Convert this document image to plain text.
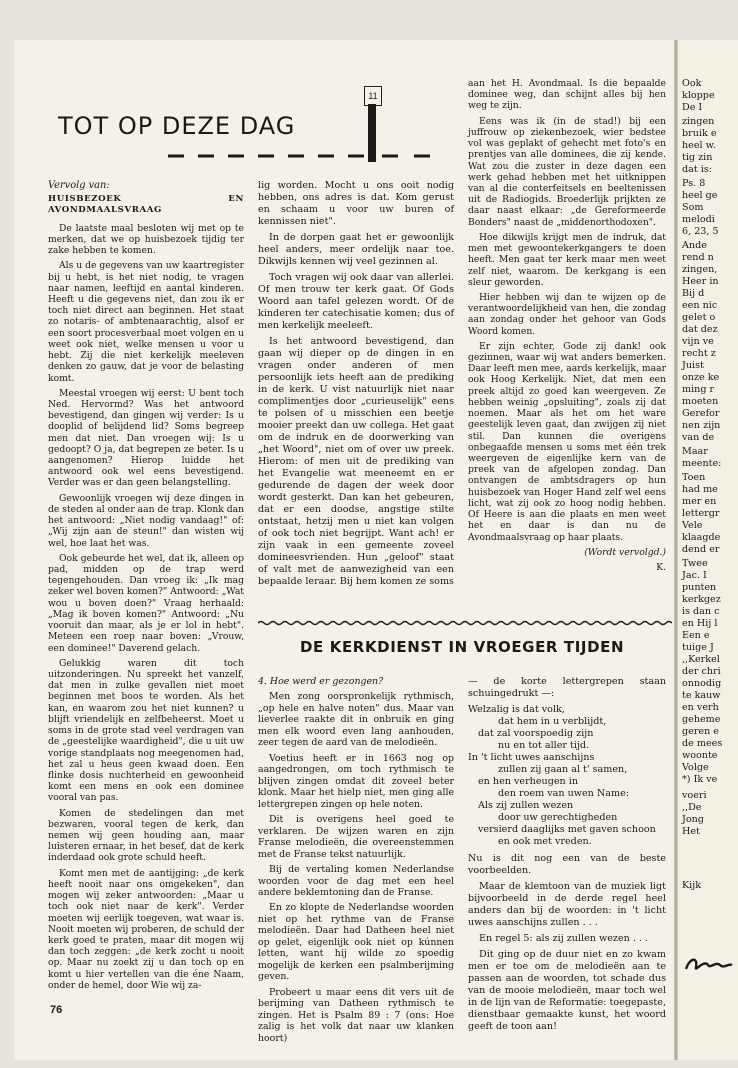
11
TOT OP DEZE DAG
Vervolg van:
HUISBEZOEK EN AVONDMAALSVRAAG

De laatste maal besloten wij met op te merken, dat we op huisbezoek tijdig ter zake hebben te komen.

Als u de gegevens van uw kaartregister bij u hebt, is het niet nodig, te vragen naar namen, leeftijd en aantal kinderen. Heeft u die gegevens niet, dan zou ik er toch niet direct aan beginnen. Het staat zo notaris- of ambtenaarachtig, alsof er een soort procesverbaal moet volgen en u weet ook niet, welke mensen u voor u hebt. Zij die niet kerkelijk meeleven denken zo gauw, dat je voor de belasting komt.

Meestal vroegen wij eerst: U bent toch Ned. Hervormd? Was het antwoord bevestigend, dan gingen wij verder: Is u dooplid of belijdend lid? Soms begreep men dat niet. Dan vroegen wij: Is u gedoopt? O ja, dat begrepen ze beter. Is u aangenomen? Hierop luidde het antwoord ook wel eens bevestigend. Verder was er dan geen belangstelling.

Gewoonlijk vroegen wij deze dingen in de steden al onder aan de trap. Klonk dan het antwoord: „Niet nodig vandaag!" of: „Wij zijn aan de steun!" dan wisten wij wel, hoe laat het was.

Ook gebeurde het wel, dat ik, alleen op pad, midden op de trap werd tegengehouden. Dan vroeg ik: „Ik mag zeker wel boven komen?" Antwoord: „Wat wou u boven doen?" Vraag herhaald: „Mag ik boven komen?" Antwoord: „Nu vooruit dan maar, als je er lol in hebt". Meteen een roep naar boven: „Vrouw, een dominee!" Daverend gelach.

Gelukkig waren dit toch uitzonderingen. Nu spreekt het vanzelf, dat men in zulke gevallen niet moet beginnen met boos te worden. Als het kan, en waarom zou het niet kunnen? u blijft vriendelijk en zelfbeheerst. Moet u soms in de grote stad veel verdragen van de „geestelijke waardigheid", die u uit uw vorige standplaats nog meegenomen had, het zal u heus geen kwaad doen. Een flinke dosis nuchterheid en gewoonheid komt een mens en ook een dominee vooral van pas.

Komen de stedelingen dan met bezwaren, vooral tegen de kerk, dan nemen wij geen houding aan, maar luisteren ernaar, in het besef, dat de kerk inderdaad ook grote schuld heeft.

Komt men met de aantijging: „de kerk heeft nooit naar ons omgekeken", dan mogen wij zeker antwoorden: „Maar u toch ook niet naar de kerk". Verder moeten wij eerlijk toegeven, wat waar is. Nooit moeten wij proberen, de schuld der kerk goed te praten, maar dit mogen wij dan toch zeggen: „de kerk zocht u nooit op. Maar nu zoekt zij u dan toch op en komt u hier vertellen van die éne Naam, onder de hemel, door Wie wij za-

lig worden. Mocht u ons ooit nodig hebben, ons adres is dat. Kom gerust en schaam u voor uw buren of kennissen niet".

In de dorpen gaat het er gewoonlijk heel anders, meer ordelijk naar toe. Dikwijls kennen wij veel gezinnen al.

Toch vragen wij ook daar van allerlei. Of men trouw ter kerk gaat. Of Gods Woord aan tafel gelezen wordt. Of de kinderen ter catechisatie komen; dus of men kerkelijk meeleeft.

Is het antwoord bevestigend, dan gaan wij dieper op de dingen in en vragen onder anderen of men persoonlijk iets heeft aan de prediking in de kerk. U vist natuurlijk niet naar complimentjes door „curieuselijk" eens te polsen of u misschien een beetje mooier preekt dan uw collega. Het gaat om de indruk en de doorwerking van „het Woord", niet om of over uw preek. Hierom: of men uit de prediking van het Evangelie wat meeneemt en er gedurende de dagen der week door wordt gesterkt. Dan kan het gebeuren, dat er een doodse, angstige stilte ontstaat, hetzij men u niet kan volgen of ook toch niet begrijpt. Want ach! er zijn vaak in een gemeente zoveel domineesvrienden. Hun „geloof" staat of valt met de aanwezigheid van een bepaalde leraar. Bij hem komen ze soms

aan het H. Avondmaal. Is die bepaalde dominee weg, dan schijnt alles bij hen weg te zijn.

Eens was ik (in de stad!) bij een juffrouw op ziekenbezoek, wier bedstee vol was geplakt of gehecht met foto's en prentjes van alle dominees, die zij kende. Wat zou die zuster in deze dagen een werk gehad hebben met het uitknippen van al die conterfeitsels en beeltenissen uit de Radiogids. Broederlijk prijkten ze daar naast elkaar: „de Gereformeerde Bonders" naast de „middenorthodoxen".

Hoe dikwijls krijgt men de indruk, dat men met gewoontekerkgangers te doen heeft. Men gaat ter kerk maar men weet zelf niet, waarom. De kerkgang is een sleur geworden.

Hier hebben wij dan te wijzen op de verantwoordelijkheid van hen, die zondag aan zondag onder het gehoor van Gods Woord komen.

Er zijn echter, Gode zij dank! ook gezinnen, waar wij wat anders bemerken. Daar leeft men mee, aards kerkelijk, maar ook Hoog Kerkelijk. Niet, dat men een preek altijd zo goed kan weergeven. Ze hebben weinig „opsluiting", zoals zij dat noemen. Maar als het om het ware geestelijk leven gaat, dan zwijgen zij niet stil. Dan kunnen die overigens onbegaafde mensen u soms met één trek weergeven de eigenlijke kern van de preek van de afgelopen zondag. Dan ontvangen de ambtsdragers op hun huisbezoek van Hoger Hand zelf wel eens licht, wat zij ook zo hoog nodig hebben. Of Heere is aan die plaats en men weet het en daar is dan nu de Avondmaalsvraag op haar plaats.

(Wordt vervolgd.)

K.

DE KERKDIENST IN VROEGER TIJDEN

4. Hoe werd er gezongen?

Men zong oorspronkelijk rythmisch, „op hele en halve noten" dus. Maar van lieverlee raakte dit in onbruik en ging men elk woord even lang aanhouden, zeer tegen de aard van de melodieën.

Voetius heeft er in 1663 nog op aangedrongen, om toch rythmisch te blijven zingen omdat dit zoveel beter klonk. Maar het hielp niet, men ging alle lettergrepen zingen op hele noten.

Dit is overigens heel goed te verklaren. De wijzen waren en zijn Franse melodieën, die overeenstemmen met de Franse tekst natuurlijk.

Bij de vertaling komen Nederlandse woorden voor de dag met een heel andere beklemtoning dan de Franse.

En zo klopte de Nederlandse woorden niet op het rythme van de Franse melodieën. Daar had Datheen heel niet op gelet, eigenlijk ook niet op kúnnen letten, want hij wilde zo spoedig mogelijk de kerken een psalmberijming geven.

Probeert u maar eens dit vers uit de berijming van Datheen rythmisch te zingen. Het is Psalm 89 : 7 (ons: Hoe zalig is het volk dat naar uw klanken hoort)

— de korte lettergrepen staan schuingedrukt —:

Welzalig is dat volk,
dat hem in u verblijdt,
dat zal voorspoedig zijn
nu en tot aller tijd.
In 't licht uwes aanschijns
zullen zij gaan al t' samen,
en hen verheugen in
den roem van uwen Name:
Als zij zullen wezen
door uw gerechtigheden
versierd daaglijks met gaven schoon
en ook met vreden.

Nu is dit nog een van de beste voorbeelden.

Maar de klemtoon van de muziek ligt bijvoorbeeld in de derde regel heel anders dan bij de woorden: in 't licht uwes aanschijns zullen . . .

En regel 5: als zij zullen wezen . . .

Dit ging op de duur niet en zo kwam men er toe om de melodieën aan te passen aan de woorden, tot schade dus van de mooie melodieën, maar toch wel in de lijn van de Reformatie: toegepaste, dienstbaar gemaakte kunst, het woord geeft de toon aan!

76
Ook
kloppe
De I
zingen
bruik e
heel w.
tig zin
dat is:
Ps. 8
heel ge
Som
melodi
6, 23, 5
Ande
rend n
zingen,
Heer in
Bij d
een nic
gelet o
dat dez
vijn ve
recht z
Juist
onze ke
ming r
moeten
Gerefor
nen zijn
van de
Maar
meente:
Toen
had me
mer en
lettergr
Vele
klaagde
dend er
Twee
Jac. I
punten
kerkgez
is dan c
en Hij l
Een e
tuige J
,,Kerkel
der chri
onnodig
te kauw
en verh
geheme
geren e
de mees
woonte
Volge
*) Ik ve
voeri
,,De
Jong
Het
Kijk
